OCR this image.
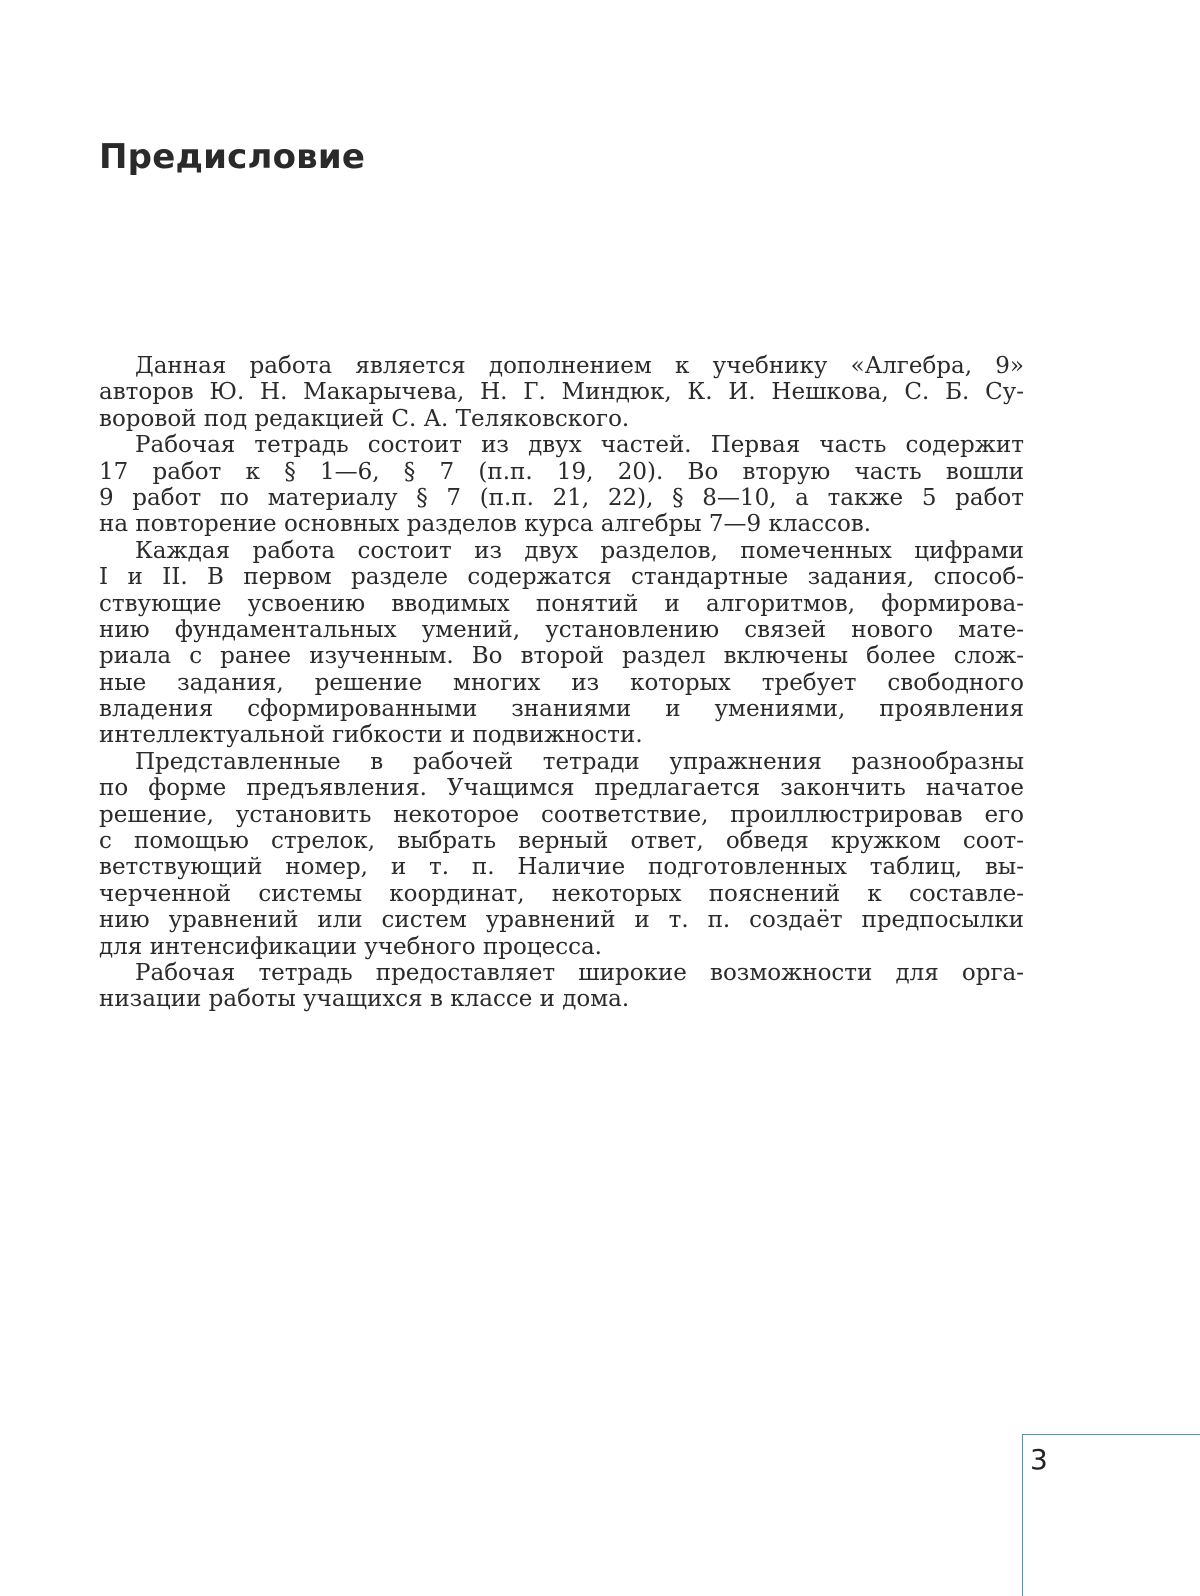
Предисловие
Данная работа является дополнением к учебнику «Алгебра, 9»
авторов Ю. Н. Макарычева, Н. Г. Миндюк, К. И. Нешкова, С. Б. Су-
воровой под редакцией С. А. Теляковского.
Рабочая тетрадь состоит из двух частей. Первая часть содержит
17 работ к § 1—6, § 7 (п.п. 19, 20). Во вторую часть вошли
9 работ по материалу § 7 (п.п. 21, 22), § 8—10, а также 5 работ
на повторение основных разделов курса алгебры 7—9 классов.
Каждая работа состоит из двух разделов, помеченных цифрами
I и II. В первом разделе содержатся стандартные задания, способ-
ствующие усвоению вводимых понятий и алгоритмов, формирова-
нию фундаментальных умений, установлению связей нового мате-
риала с ранее изученным. Во второй раздел включены более слож-
ные задания, решение многих из которых требует свободного
владения сформированными знаниями и умениями, проявления
интеллектуальной гибкости и подвижности.
Представленные в рабочей тетради упражнения разнообразны
по форме предъявления. Учащимся предлагается закончить начатое
решение, установить некоторое соответствие, проиллюстрировав его
с помощью стрелок, выбрать верный ответ, обведя кружком соот-
ветствующий номер, и т. п. Наличие подготовленных таблиц, вы-
черченной системы координат, некоторых пояснений к составле-
нию уравнений или систем уравнений и т. п. создаёт предпосылки
для интенсификации учебного процесса.
Рабочая тетрадь предоставляет широкие возможности для орга-
низации работы учащихся в классе и дома.
3
